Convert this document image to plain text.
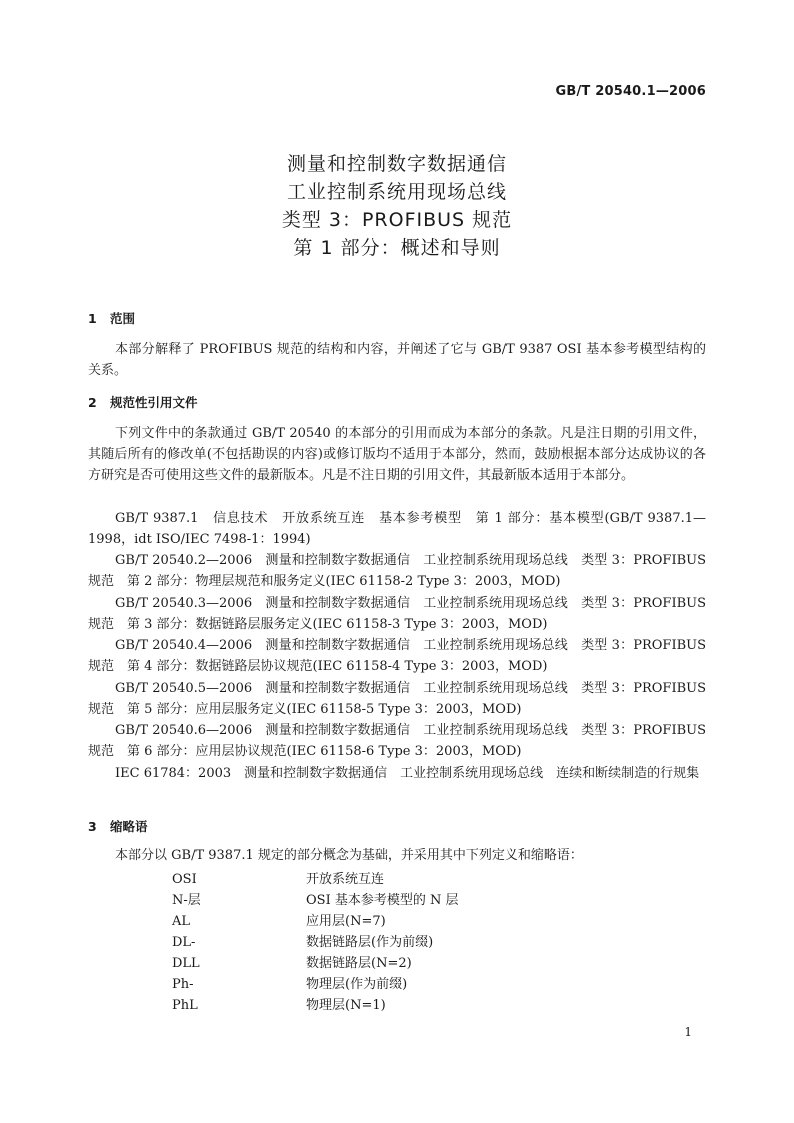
GB/T 20540.1—2006
测量和控制数字数据通信
工业控制系统用现场总线
类型 3：PROFIBUS 规范
第 1 部分：概述和导则
1 范围
本部分解释了 PROFIBUS 规范的结构和内容，并阐述了它与 GB/T 9387 OSI 基本参考模型结构的关系。
2 规范性引用文件
下列文件中的条款通过 GB/T 20540 的本部分的引用而成为本部分的条款。凡是注日期的引用文件，其随后所有的修改单(不包括勘误的内容)或修订版均不适用于本部分，然而，鼓励根据本部分达成协议的各方研究是否可使用这些文件的最新版本。凡是不注日期的引用文件，其最新版本适用于本部分。
GB/T 9387.1　信息技术　开放系统互连　基本参考模型　第 1 部分：基本模型(GB/T 9387.1—1998，idt ISO/IEC 7498-1：1994)
GB/T 20540.2—2006　测量和控制数字数据通信　工业控制系统用现场总线　类型 3：PROFIBUS 规范　第 2 部分：物理层规范和服务定义(IEC 61158-2 Type 3：2003，MOD)
GB/T 20540.3—2006　测量和控制数字数据通信　工业控制系统用现场总线　类型 3：PROFIBUS 规范　第 3 部分：数据链路层服务定义(IEC 61158-3 Type 3：2003，MOD)
GB/T 20540.4—2006　测量和控制数字数据通信　工业控制系统用现场总线　类型 3：PROFIBUS 规范　第 4 部分：数据链路层协议规范(IEC 61158-4 Type 3：2003，MOD)
GB/T 20540.5—2006　测量和控制数字数据通信　工业控制系统用现场总线　类型 3：PROFIBUS 规范　第 5 部分：应用层服务定义(IEC 61158-5 Type 3：2003，MOD)
GB/T 20540.6—2006　测量和控制数字数据通信　工业控制系统用现场总线　类型 3：PROFIBUS 规范　第 6 部分：应用层协议规范(IEC 61158-6 Type 3：2003，MOD)
IEC 61784：2003　测量和控制数字数据通信　工业控制系统用现场总线　连续和断续制造的行规集
3 缩略语
本部分以 GB/T 9387.1 规定的部分概念为基础，并采用其中下列定义和缩略语：
OSI	开放系统互连
N-层	OSI 基本参考模型的 N 层
AL	应用层(N=7)
DL-	数据链路层(作为前缀)
DLL	数据链路层(N=2)
Ph-	物理层(作为前缀)
PhL	物理层(N=1)
1
